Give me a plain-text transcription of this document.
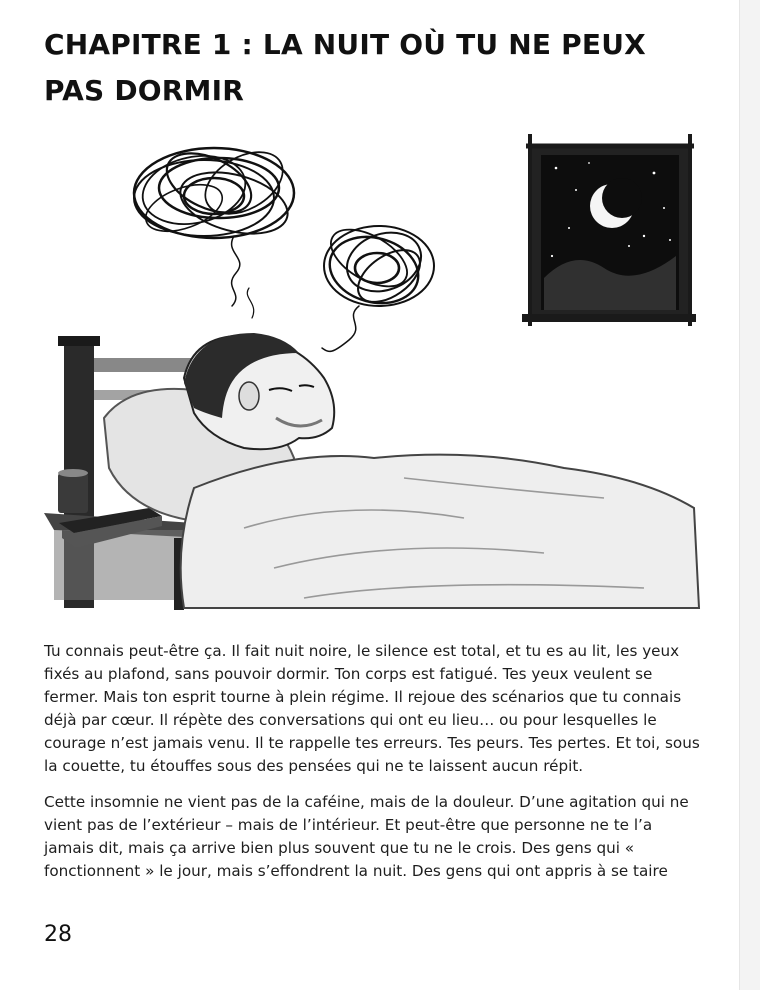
CHAPITRE 1 : LA NUIT OÙ TU NE PEUX PAS DORMIR

Tu connais peut-être ça. Il fait nuit noire, le silence est total, et tu es au lit, les yeux fixés au plafond, sans pouvoir dormir. Ton corps est fatigué. Tes yeux veulent se fermer. Mais ton esprit tourne à plein régime. Il rejoue des scénarios que tu connais déjà par cœur. Il répète des conversations qui ont eu lieu… ou pour lesquelles le courage n’est jamais venu. Il te rappelle tes erreurs. Tes peurs. Tes pertes. Et toi, sous la couette, tu étouffes sous des pensées qui ne te laissent aucun répit.

Cette insomnie ne vient pas de la caféine, mais de la douleur. D’une agitation qui ne vient pas de l’extérieur – mais de l’intérieur. Et peut-être que personne ne te l’a jamais dit, mais ça arrive bien plus souvent que tu ne le crois. Des gens qui « fonctionnent » le jour, mais s’effondrent la nuit. Des gens qui ont appris à se taire

28
